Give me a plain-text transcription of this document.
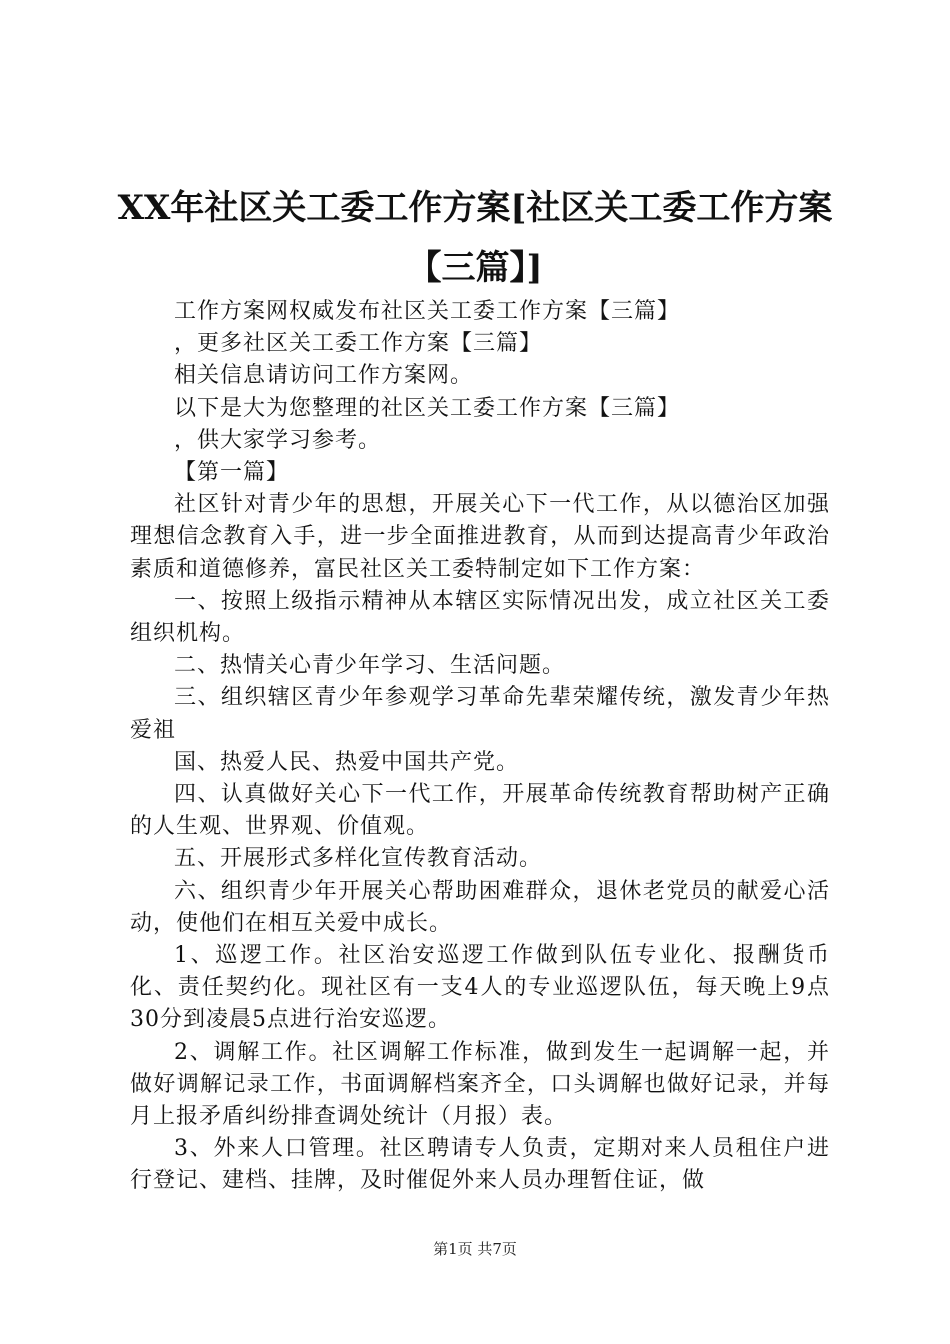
XX年社区关工委工作方案[社区关工委工作方案【三篇】]

工作方案网权威发布社区关工委工作方案【三篇】

，更多社区关工委工作方案【三篇】

相关信息请访问工作方案网。

以下是大为您整理的社区关工委工作方案【三篇】

，供大家学习参考。

【第一篇】

社区针对青少年的思想，开展关心下一代工作，从以德治区加强理想信念教育入手，进一步全面推进教育，从而到达提高青少年政治素质和道德修养，富民社区关工委特制定如下工作方案：

一、按照上级指示精神从本辖区实际情况出发，成立社区关工委组织机构。

二、热情关心青少年学习、生活问题。

三、组织辖区青少年参观学习革命先辈荣耀传统，激发青少年热爱祖

国、热爱人民、热爱中国共产党。

四、认真做好关心下一代工作，开展革命传统教育帮助树产正确的人生观、世界观、价值观。

五、开展形式多样化宣传教育活动。

六、组织青少年开展关心帮助困难群众，退休老党员的献爱心活动，使他们在相互关爱中成长。

1、巡逻工作。社区治安巡逻工作做到队伍专业化、报酬货币化、责任契约化。现社区有一支4人的专业巡逻队伍，每天晚上9点30分到凌晨5点进行治安巡逻。

2、调解工作。社区调解工作标准，做到发生一起调解一起，并做好调解记录工作，书面调解档案齐全，口头调解也做好记录，并每月上报矛盾纠纷排查调处统计（月报）表。

3、外来人口管理。社区聘请专人负责，定期对来人员租住户进行登记、建档、挂牌，及时催促外来人员办理暂住证，做

第1页 共7页
